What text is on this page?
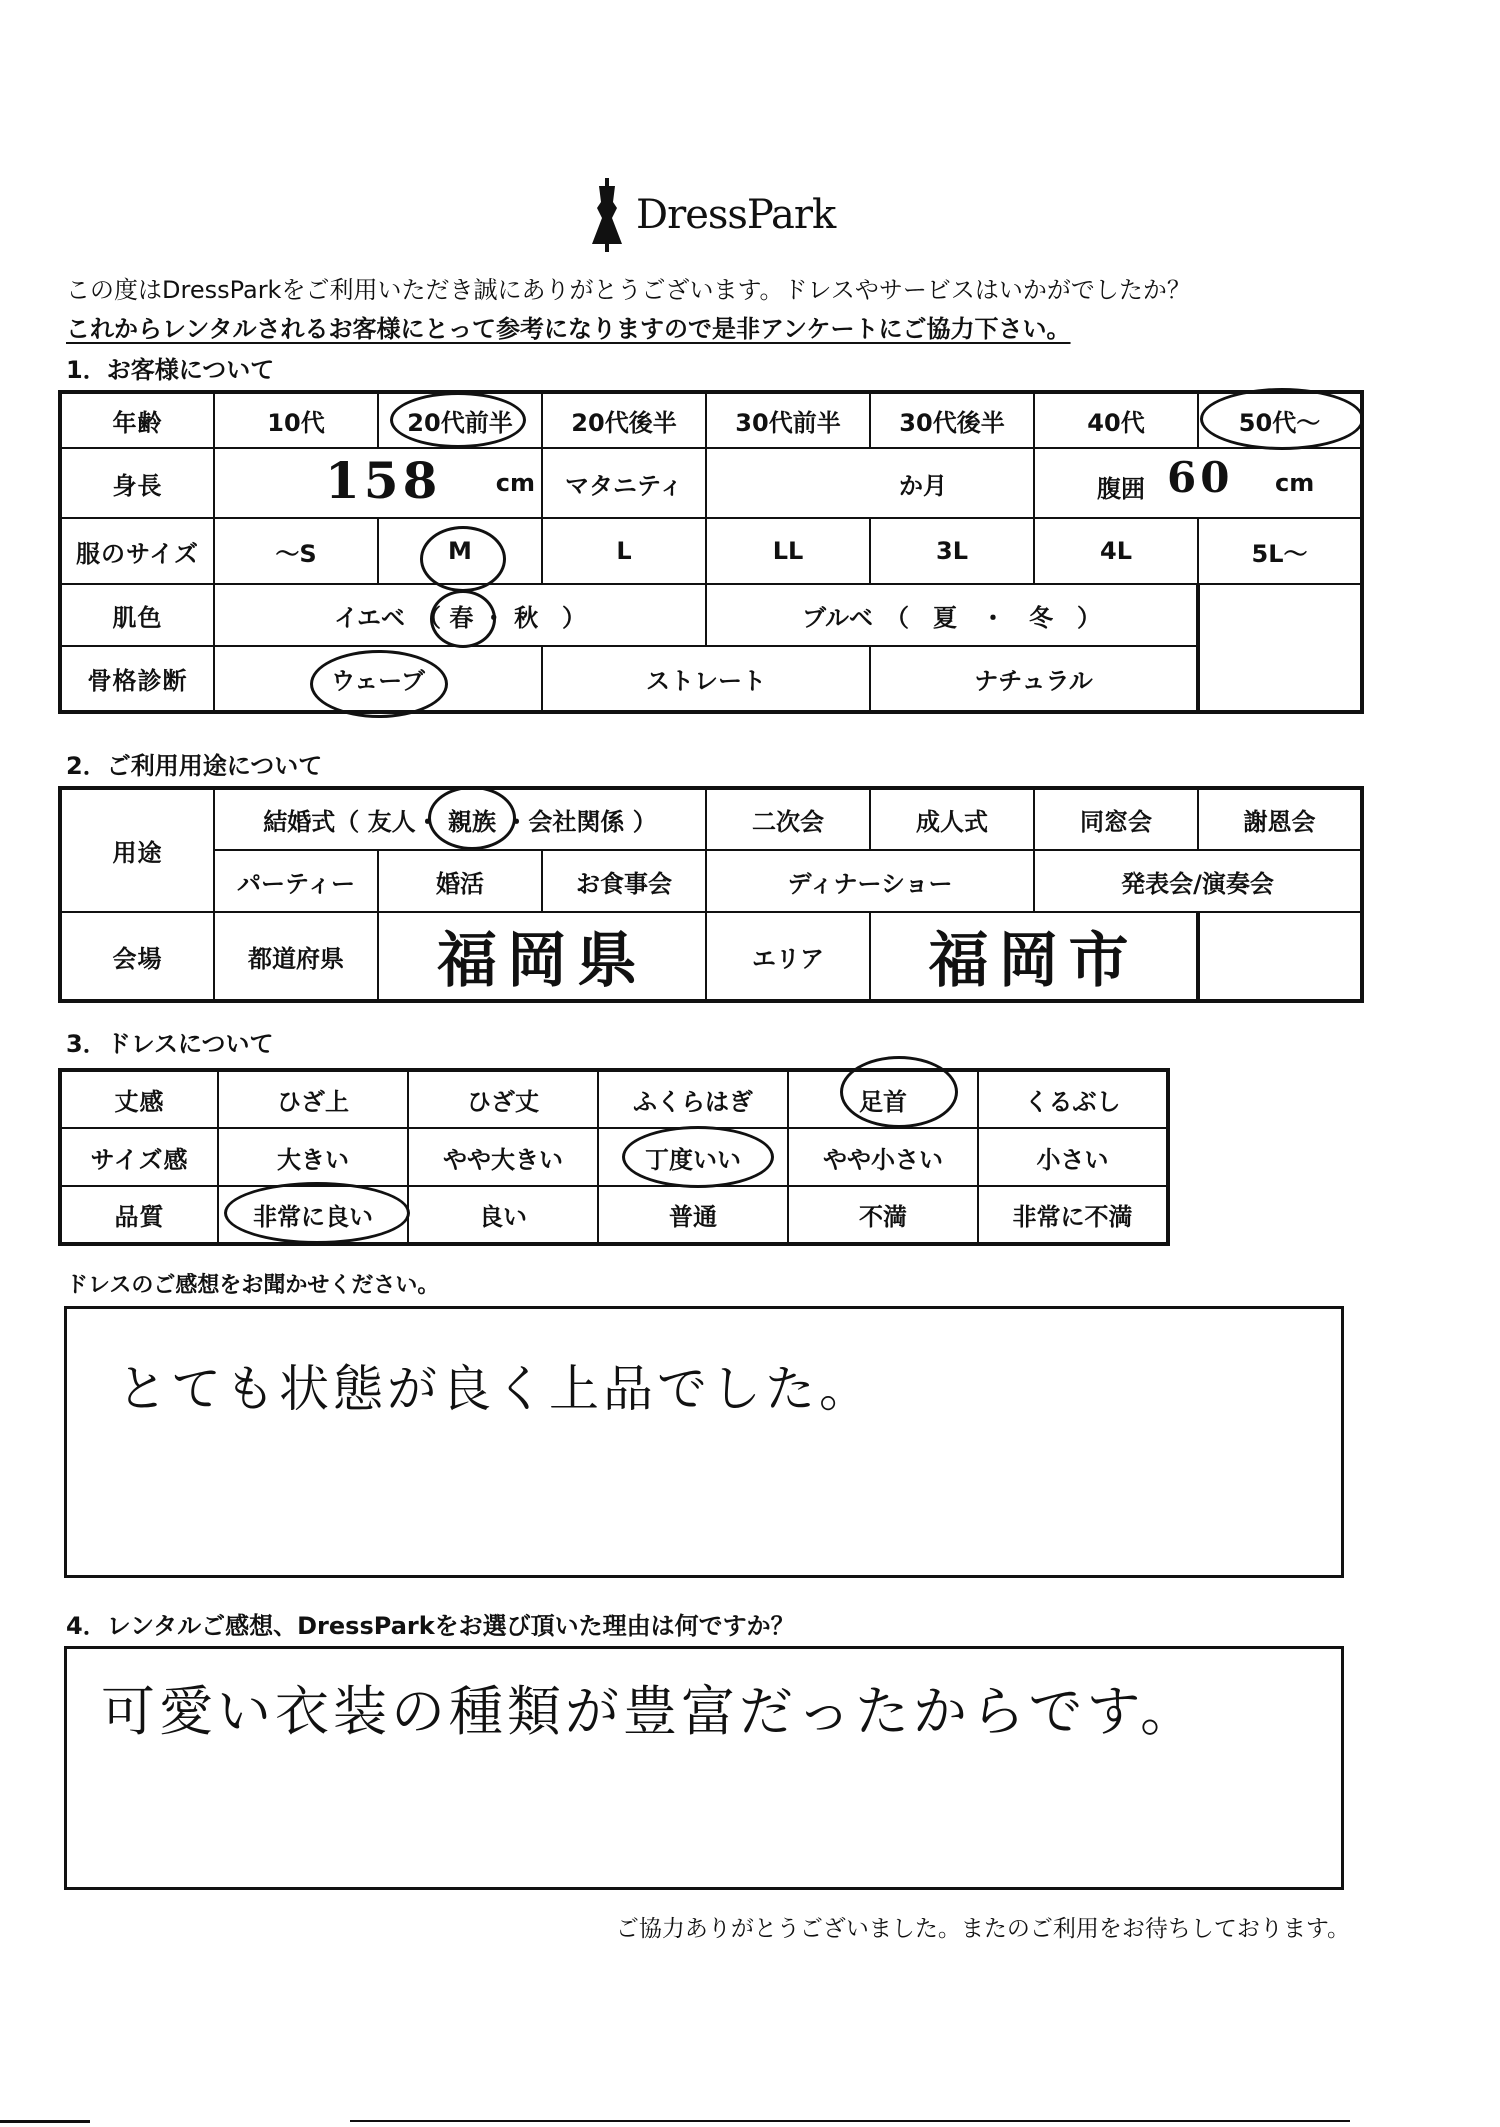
DressPark
この度はDressParkをご利用いただき誠にありがとうございます。ドレスやサービスはいかがでしたか？
これからレンタルされるお客様にとって参考になりますので是非アンケートにご協力下さい。
1．お客様について
年齢	10代	20代前半	20代後半	30代前半	30代後半	40代	50代～
身長	158 cm		マタニティ	か月		腹囲 60 cm	

服のサイズ	～S	M	L	LL	3L	4L	5L～
肌色	イエベ　（ 春 ・ 秋　）			ブルベ　（　夏　・　冬　）			
骨格診断	ウェーブ		ストレート		ナチュラル		
2．ご利用用途について
用途	結婚式（ 友人・ 親族 ・会社関係 ）			二次会	成人式	同窓会	謝恩会
	パーティー	婚活	お食事会	ディナーショー		発表会/演奏会	
会場	都道府県	福岡県		エリア	福岡市		
3．ドレスについて
丈感	ひざ上	ひざ丈	ふくらはぎ	足首	くるぶし
サイズ感	大きい	やや大きい	丁度いい	やや小さい	小さい
品質	非常に良い	良い	普通	不満	非常に不満
ドレスのご感想をお聞かせください。
とても状態が良く上品でした。
4．レンタルご感想、DressParkをお選び頂いた理由は何ですか？
可愛い衣装の種類が豊富だったからです。
ご協力ありがとうございました。またのご利用をお待ちしております。
